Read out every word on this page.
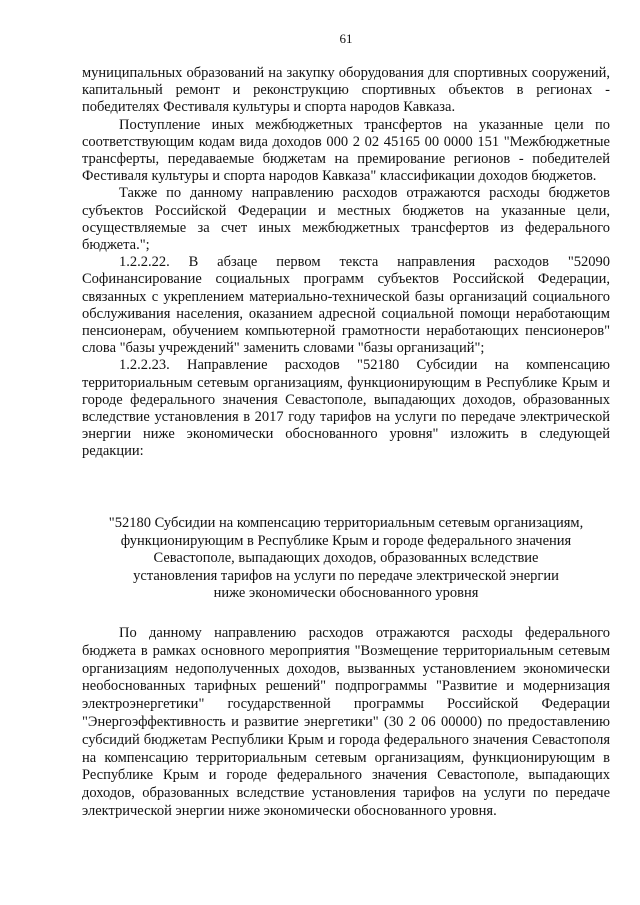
61

муниципальных образований на закупку оборудования для спортивных сооружений, капитальный ремонт и реконструкцию спортивных объектов в регионах - победителях Фестиваля культуры и спорта народов Кавказа.

Поступление иных межбюджетных трансфертов на указанные цели по соответствующим кодам вида доходов 000 2 02 45165 00 0000 151 "Межбюджетные трансферты, передаваемые бюджетам на премирование регионов - победителей Фестиваля культуры и спорта народов Кавказа" классификации доходов бюджетов.

Также по данному направлению расходов отражаются расходы бюджетов субъектов Российской Федерации и местных бюджетов на указанные цели, осуществляемые за счет иных межбюджетных трансфертов из федерального бюджета.";

1.2.2.22. В абзаце первом текста направления расходов "52090 Софинансирование социальных программ субъектов Российской Федерации, связанных с укреплением материально-технической базы организаций социального обслуживания населения, оказанием адресной социальной помощи неработающим пенсионерам, обучением компьютерной грамотности неработающих пенсионеров" слова "базы учреждений" заменить словами "базы организаций";

1.2.2.23. Направление расходов "52180 Субсидии на компенсацию территориальным сетевым организациям, функционирующим в Республике Крым и городе федерального значения Севастополе, выпадающих доходов, образованных вследствие установления в 2017 году тарифов на услуги по передаче электрической энергии ниже экономически обоснованного уровня" изложить в следующей редакции:

"52180 Субсидии на компенсацию территориальным сетевым организациям,
функционирующим в Республике Крым и городе федерального значения
Севастополе, выпадающих доходов, образованных вследствие
установления тарифов на услуги по передаче электрической энергии
ниже экономически обоснованного уровня

По данному направлению расходов отражаются расходы федерального бюджета в рамках основного мероприятия "Возмещение территориальным сетевым организациям недополученных доходов, вызванных установлением экономически необоснованных тарифных решений" подпрограммы "Развитие и модернизация электроэнергетики" государственной программы Российской Федерации "Энергоэффективность и развитие энергетики" (30 2 06 00000) по предоставлению субсидий бюджетам Республики Крым и города федерального значения Севастополя на компенсацию территориальным сетевым организациям, функционирующим в Республике Крым и городе федерального значения Севастополе, выпадающих доходов, образованных вследствие установления тарифов на услуги по передаче электрической энергии ниже экономически обоснованного уровня.
